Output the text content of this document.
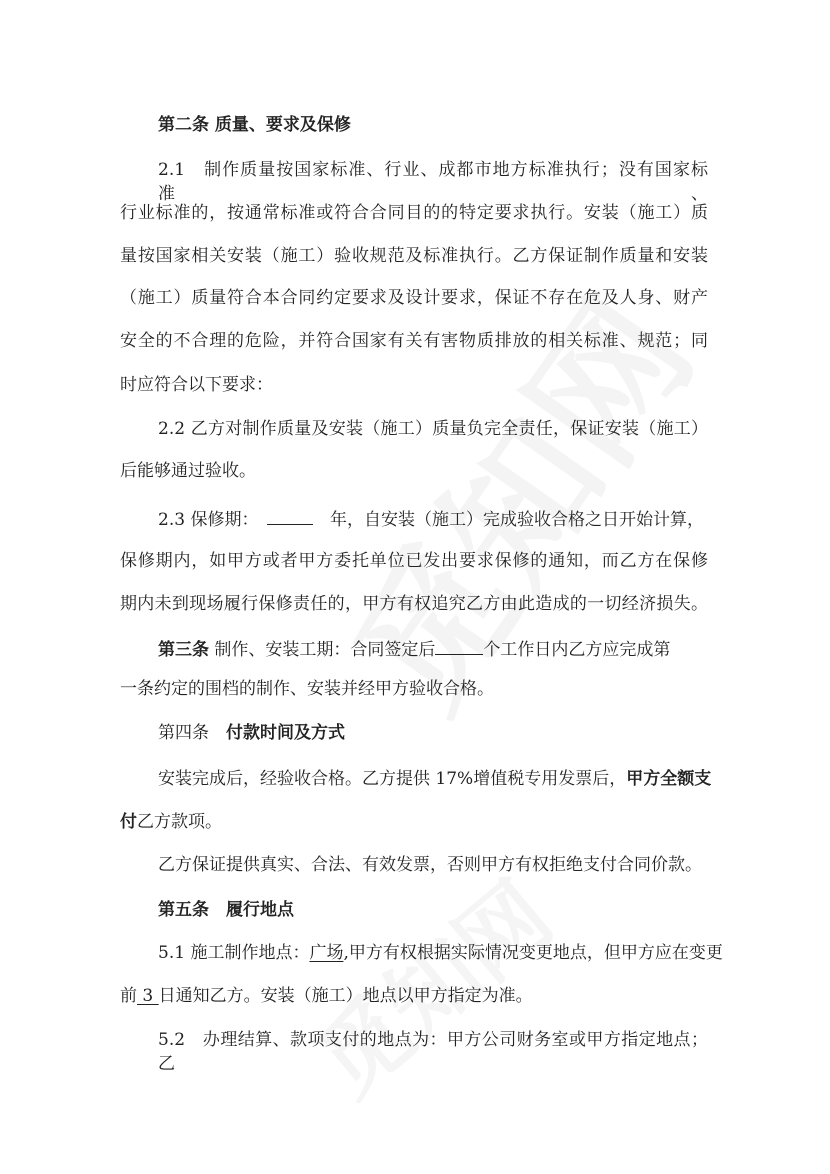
第二条 质量、要求及保修
2.1　制作质量按国家标准、行业、成都市地方标准执行；没有国家标准、
行业标准的，按通常标准或符合合同目的的特定要求执行。安装（施工）质
量按国家相关安装（施工）验收规范及标准执行。乙方保证制作质量和安装
（施工）质量符合本合同约定要求及设计要求，保证不存在危及人身、财产
安全的不合理的危险，并符合国家有关有害物质排放的相关标准、规范；同
时应符合以下要求：
2.2 乙方对制作质量及安装（施工）质量负完全责任，保证安装（施工）
后能够通过验收。
2.3 保修期：　	　年，自安装（施工）完成验收合格之日开始计算，
保修期内，如甲方或者甲方委托单位已发出要求保修的通知，而乙方在保修
期内未到现场履行保修责任的，甲方有权追究乙方由此造成的一切经济损失。
第三条 制作、安装工期：合同签定后	个工作日内乙方应完成第
一条约定的围档的制作、安装并经甲方验收合格。
第四条　付款时间及方式
安装完成后，经验收合格。乙方提供 17%增值税专用发票后，甲方全额支
付乙方款项。
乙方保证提供真实、合法、有效发票，否则甲方有权拒绝支付合同价款。
第五条　履行地点
5.1 施工制作地点：广场,甲方有权根据实际情况变更地点，但甲方应在变更
前 3 日通知乙方。安装（施工）地点以甲方指定为准。
5.2　办理结算、款项支付的地点为：甲方公司财务室或甲方指定地点；乙
